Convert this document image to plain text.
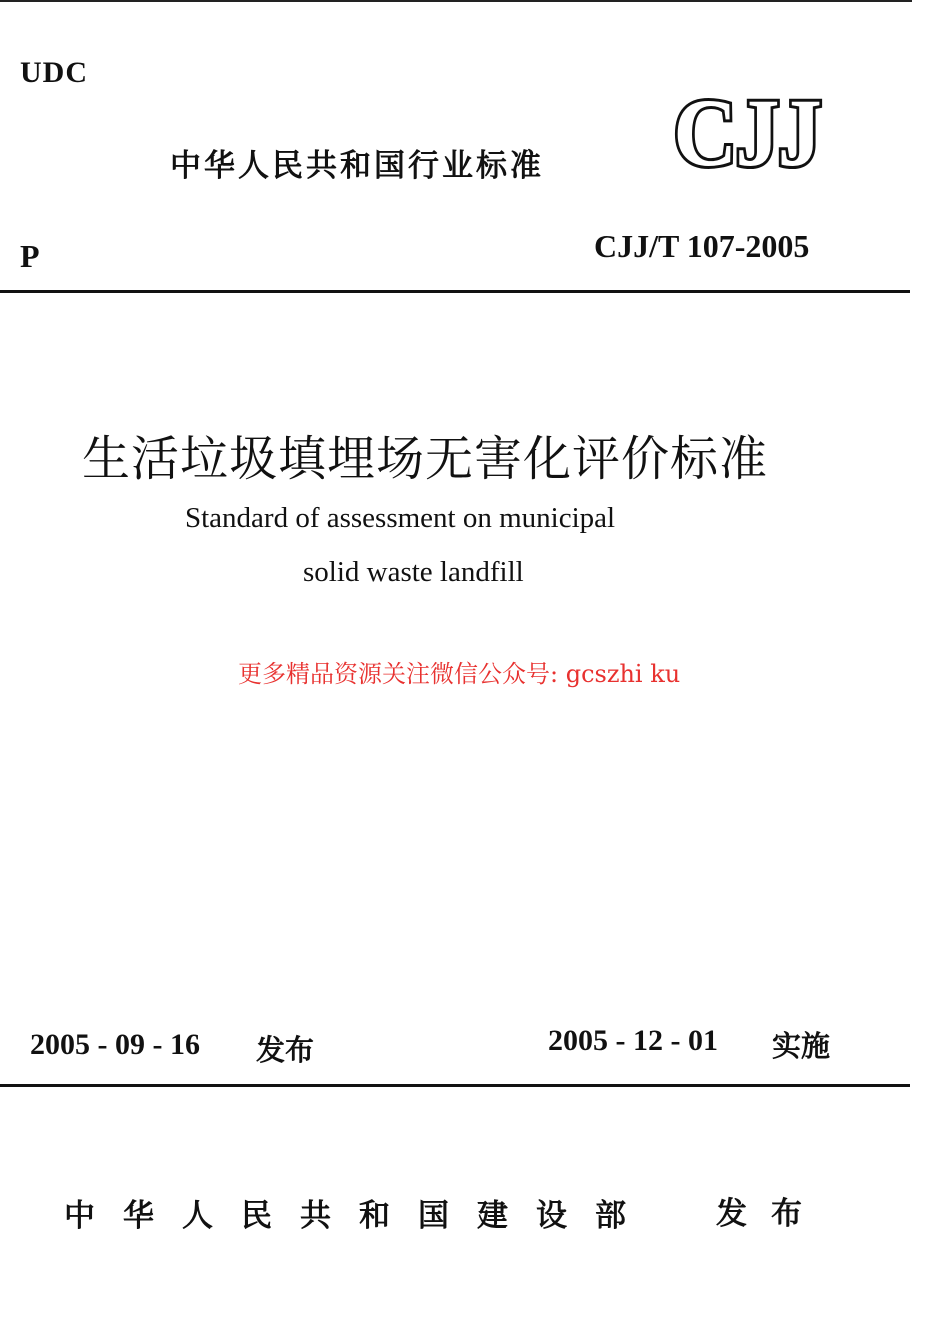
UDC
中华人民共和国行业标准 CJJ
P	CJJ/T 107-2005
生活垃圾填埋场无害化评价标准
Standard of assessment on municipal
solid waste landfill
更多精品资源关注微信公众号: gcszhi ku
2005 - 09 - 16 发布	2005 - 12 - 01 实施
中华人民共和国建设部 发布
